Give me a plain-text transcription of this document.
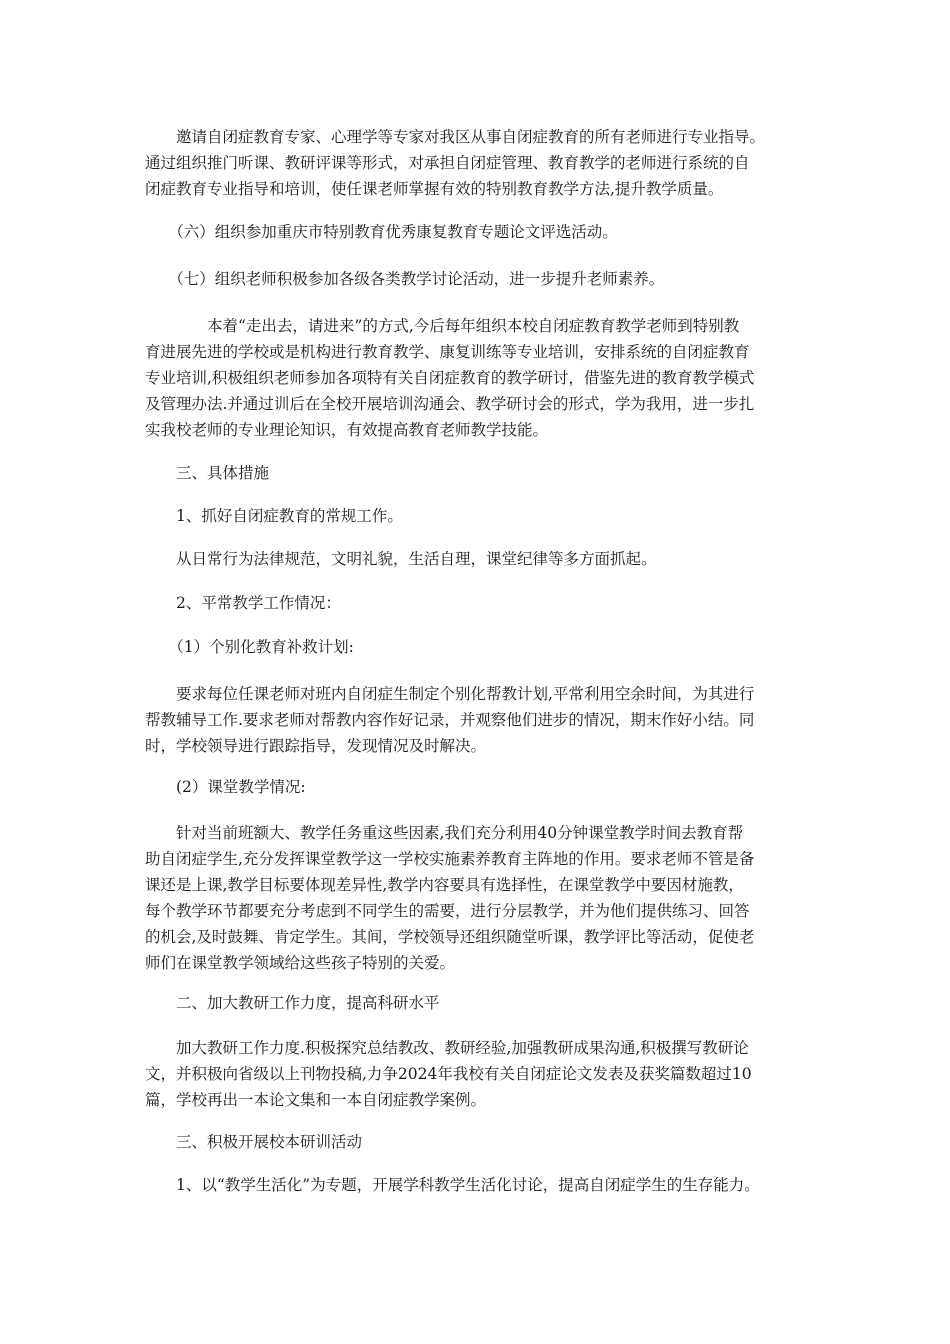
　　邀请自闭症教育专家、心理学等专家对我区从事自闭症教育的所有老师进行专业指导。
通过组织推门听课、教研评课等形式，对承担自闭症管理、教育教学的老师进行系统的自
闭症教育专业指导和培训，使任课老师掌握有效的特别教育教学方法,提升教学质量。

　　（六）组织参加重庆市特别教育优秀康复教育专题论文评选活动。

　　（七）组织老师积极参加各级各类教学讨论活动，进一步提升老师素养。

　　　　本着“走出去，请进来”的方式,今后每年组织本校自闭症教育教学老师到特别教
育进展先进的学校或是机构进行教育教学、康复训练等专业培训，安排系统的自闭症教育
专业培训,积极组织老师参加各项特有关自闭症教育的教学研讨，借鉴先进的教育教学模式
及管理办法.并通过训后在全校开展培训沟通会、教学研讨会的形式，学为我用，进一步扎
实我校老师的专业理论知识，有效提高教育老师教学技能。

　　三、具体措施

　　1、抓好自闭症教育的常规工作。

　　从日常行为法律规范，文明礼貌，生活自理，课堂纪律等多方面抓起。

　　2、平常教学工作情况：

　　（1）个别化教育补救计划:

　　要求每位任课老师对班内自闭症生制定个别化帮教计划,平常利用空余时间，为其进行
帮教辅导工作.要求老师对帮教内容作好记录，并观察他们进步的情况，期末作好小结。同
时，学校领导进行跟踪指导，发现情况及时解决。

　　(2）课堂教学情况:

　　针对当前班额大、教学任务重这些因素,我们充分利用40分钟课堂教学时间去教育帮
助自闭症学生,充分发挥课堂教学这一学校实施素养教育主阵地的作用。要求老师不管是备
课还是上课,教学目标要体现差异性,教学内容要具有选择性，在课堂教学中要因材施教，
每个教学环节都要充分考虑到不同学生的需要，进行分层教学，并为他们提供练习、回答
的机会,及时鼓舞、肯定学生。其间，学校领导还组织随堂听课，教学评比等活动，促使老
师们在课堂教学领域给这些孩子特别的关爱。

　　二、加大教研工作力度，提高科研水平

　　加大教研工作力度.积极探究总结教改、教研经验,加强教研成果沟通,积极撰写教研论
文，并积极向省级以上刊物投稿,力争2024年我校有关自闭症论文发表及获奖篇数超过10
篇，学校再出一本论文集和一本自闭症教学案例。

　　三、积极开展校本研训活动

　　1、以“教学生活化”为专题，开展学科教学生活化讨论，提高自闭症学生的生存能力。
